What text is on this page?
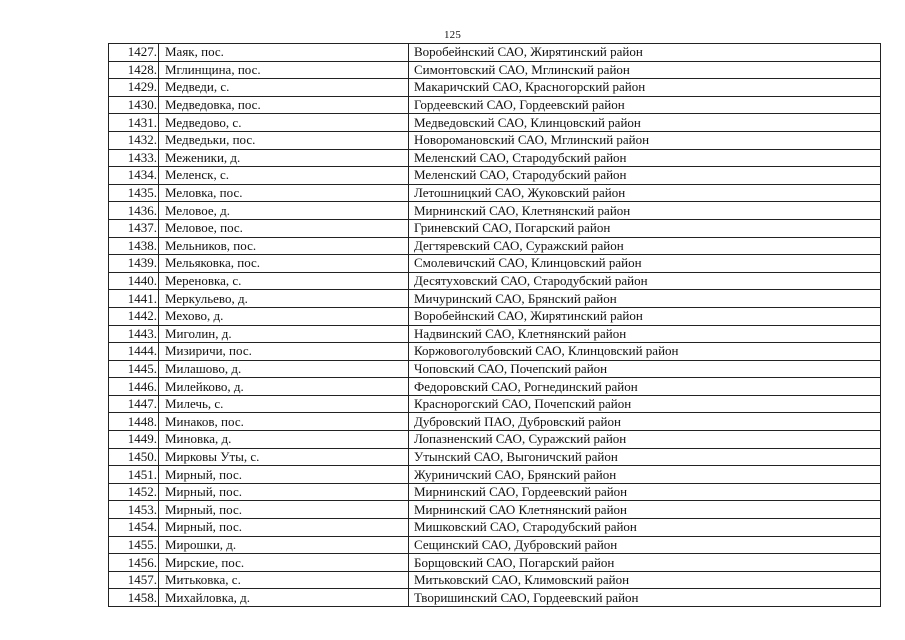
125
1427.	Маяк, пос.	Воробейнский САО, Жирятинский район
1428.	Мглинщина, пос.	Симонтовский САО, Мглинский район
1429.	Медведи, с.	Макаричский САО, Красногорский район
1430.	Медведовка, пос.	Гордеевский САО, Гордеевский район
1431.	Медведово, с.	Медведовский САО, Клинцовский район
1432.	Медведьки, пос.	Новоромановский САО, Мглинский район
1433.	Меженики, д.	Меленский САО, Стародубский район
1434.	Меленск, с.	Меленский САО, Стародубский район
1435.	Меловка, пос.	Летошницкий САО, Жуковский район
1436.	Меловое, д.	Мирнинский САО, Клетнянский район
1437.	Меловое, пос.	Гриневский САО, Погарский район
1438.	Мельников, пос.	Дегтяревский САО, Суражский район
1439.	Мельяковка, пос.	Смолевичский САО, Клинцовский район
1440.	Мереновка, с.	Десятуховский САО, Стародубский район
1441.	Меркульево, д.	Мичуринский САО, Брянский район
1442.	Мехово, д.	Воробейнский САО, Жирятинский район
1443.	Миголин, д.	Надвинский САО, Клетнянский район
1444.	Мизиричи, пос.	Коржовоголубовский САО, Клинцовский район
1445.	Милашово, д.	Чоповский САО, Почепский район
1446.	Милейково, д.	Федоровский САО, Рогнединский район
1447.	Милечь, с.	Краснорогский САО, Почепский район
1448.	Минаков, пос.	Дубровский ПАО, Дубровский район
1449.	Миновка, д.	Лопазненский САО, Суражский район
1450.	Мирковы Уты, с.	Утынский САО, Выгоничский район
1451.	Мирный, пос.	Журиничский САО, Брянский район
1452.	Мирный, пос.	Мирнинский САО, Гордеевский район
1453.	Мирный, пос.	Мирнинский САО Клетнянский район
1454.	Мирный, пос.	Мишковский САО, Стародубский район
1455.	Мирошки, д.	Сещинский САО, Дубровский район
1456.	Мирские, пос.	Борщовский САО, Погарский район
1457.	Митьковка, с.	Митьковский САО, Климовский район
1458.	Михайловка, д.	Творишинский САО, Гордеевский район
